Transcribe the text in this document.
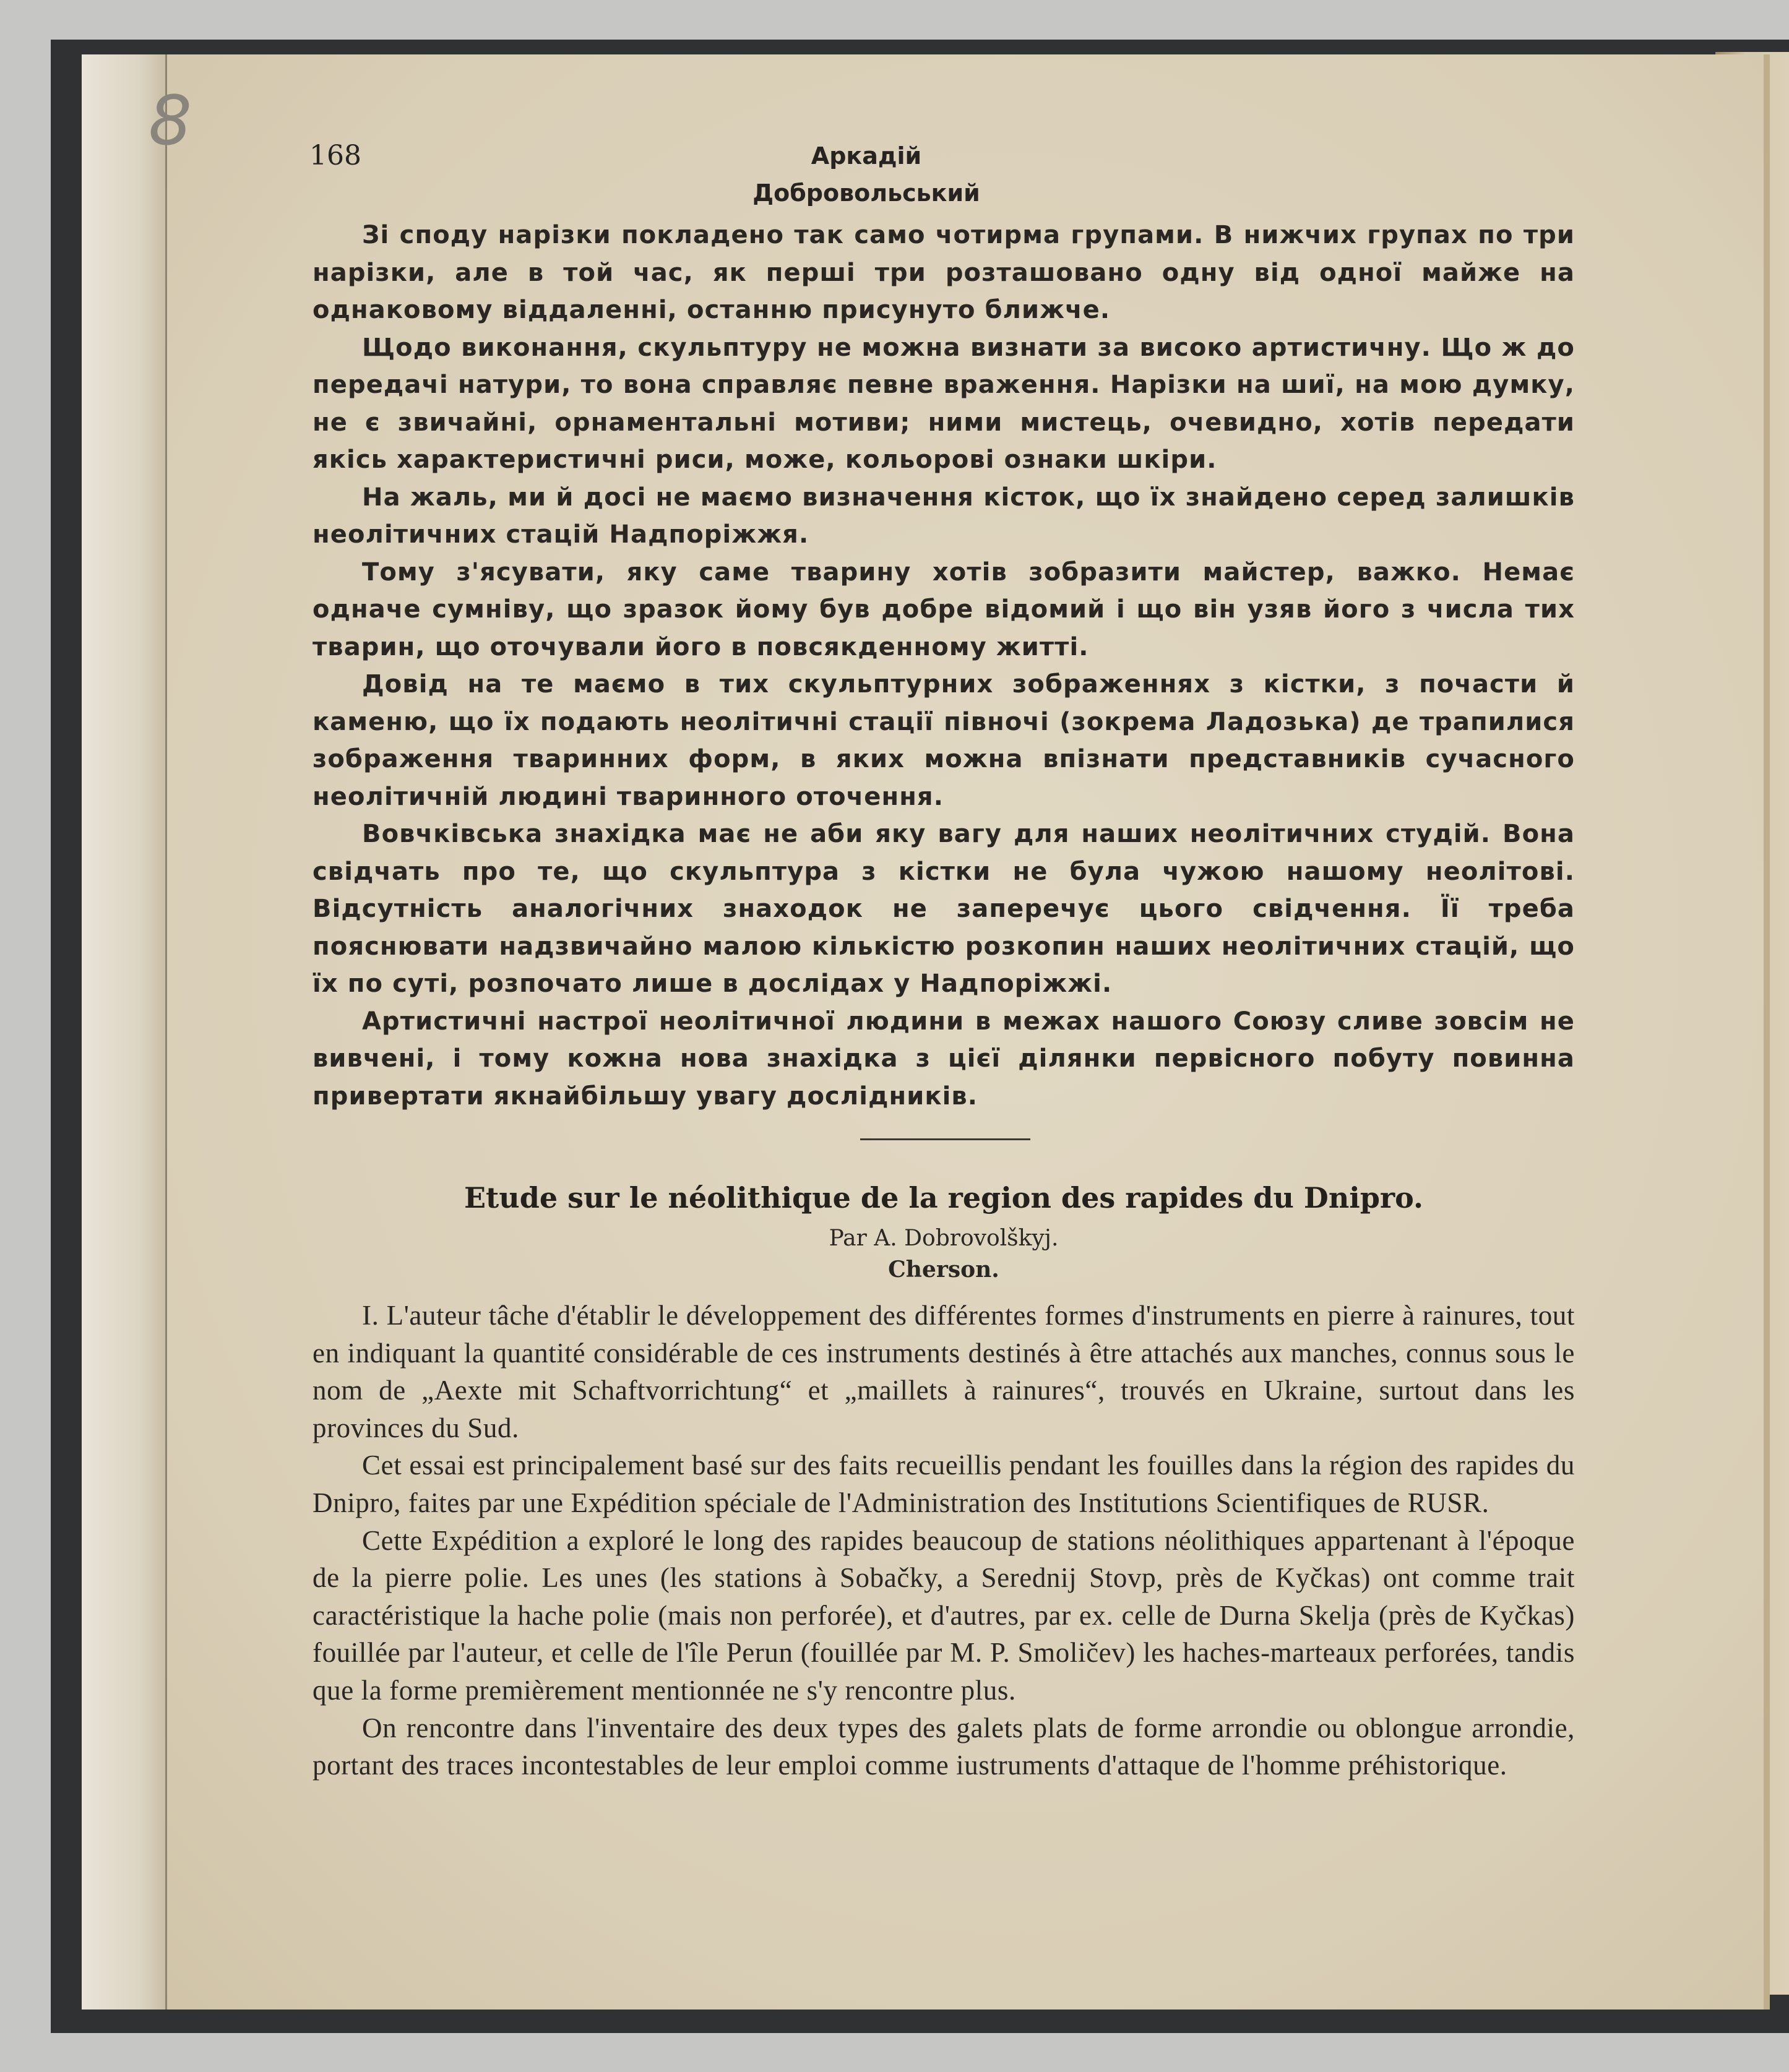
8	168	Аркадій Добровольський

Зі споду нарізки покладено так само чотирма групами. В нижчих групах по три нарізки, але в той час, як перші три розташовано одну від одної майже на однаковому віддаленні, останню присунуто ближче.

Щодо виконання, скульптуру не можна визнати за високо артистичну. Що ж до передачі натури, то вона справляє певне враження. Нарізки на шиї, на мою думку, не є звичайні, орнаментальні мотиви; ними мистець, очевидно, хотів передати якісь характеристичні риси, може, кольорові ознаки шкіри.

На жаль, ми й досі не маємо визначення кісток, що їх знайдено серед залишків неолітичних стацій Надпоріжжя.

Тому з'ясувати, яку саме тварину хотів зобразити майстер, важко. Немає одначе сумніву, що зразок йому був добре відомий і що він узяв його з числа тих тварин, що оточували його в повсякденному житті.

Довід на те маємо в тих скульптурних зображеннях з кістки, з почасти й каменю, що їх подають неолітичні стації півночі (зокрема Ладозька) де трапилися зображення тваринних форм, в яких можна впізнати представників сучасного неолітичній людині тваринного оточення.

Вовчківська знахідка має не аби яку вагу для наших неолітичних студій. Вона свідчать про те, що скульптура з кістки не була чужою нашому неолітові. Відсутність аналогічних знаходок не заперечує цього свідчення. Її треба пояснювати надзвичайно малою кількістю розкопин наших неолітичних стацій, що їх по суті, розпочато лише в дослідах у Надпоріжжі.

Артистичні настрої неолітичної людини в межах нашого Союзу сливе зовсім не вивчені, і тому кожна нова знахідка з цієї ділянки первісного побуту повинна привертати якнайбільшу увагу дослідників.

Etude sur le néolithique de la region des rapides du Dnipro.
Par A. Dobrovolškyj.
Cherson.

I. L'auteur tâche d'établir le développement des différentes formes d'instruments en pierre à rainures, tout en indiquant la quantité considérable de ces instruments destinés à être attachés aux manches, connus sous le nom de „Aexte mit Schaftvorrichtung“ et „maillets à rainures“, trouvés en Ukraine, surtout dans les provinces du Sud.

Cet essai est principalement basé sur des faits recueillis pendant les fouilles dans la région des rapides du Dnipro, faites par une Expédition spéciale de l'Administration des Institutions Scientifiques de RUSR.

Cette Expédition a exploré le long des rapides beaucoup de stations néolithiques appartenant à l'époque de la pierre polie. Les unes (les stations à Sobačky, a Serednij Stovp, près de Kyčkas) ont comme trait caractéristique la hache polie (mais non perforée), et d'autres, par ex. celle de Durna Skelja (près de Kyčkas) fouillée par l'auteur, et celle de l'île Perun (fouillée par M. P. Smoličev) les haches-marteaux perforées, tandis que la forme premièrement mentionnée ne s'y rencontre plus.

On rencontre dans l'inventaire des deux types des galets plats de forme arrondie ou oblongue arrondie, portant des traces incontestables de leur emploi comme iustruments d'attaque de l'homme préhistorique.
